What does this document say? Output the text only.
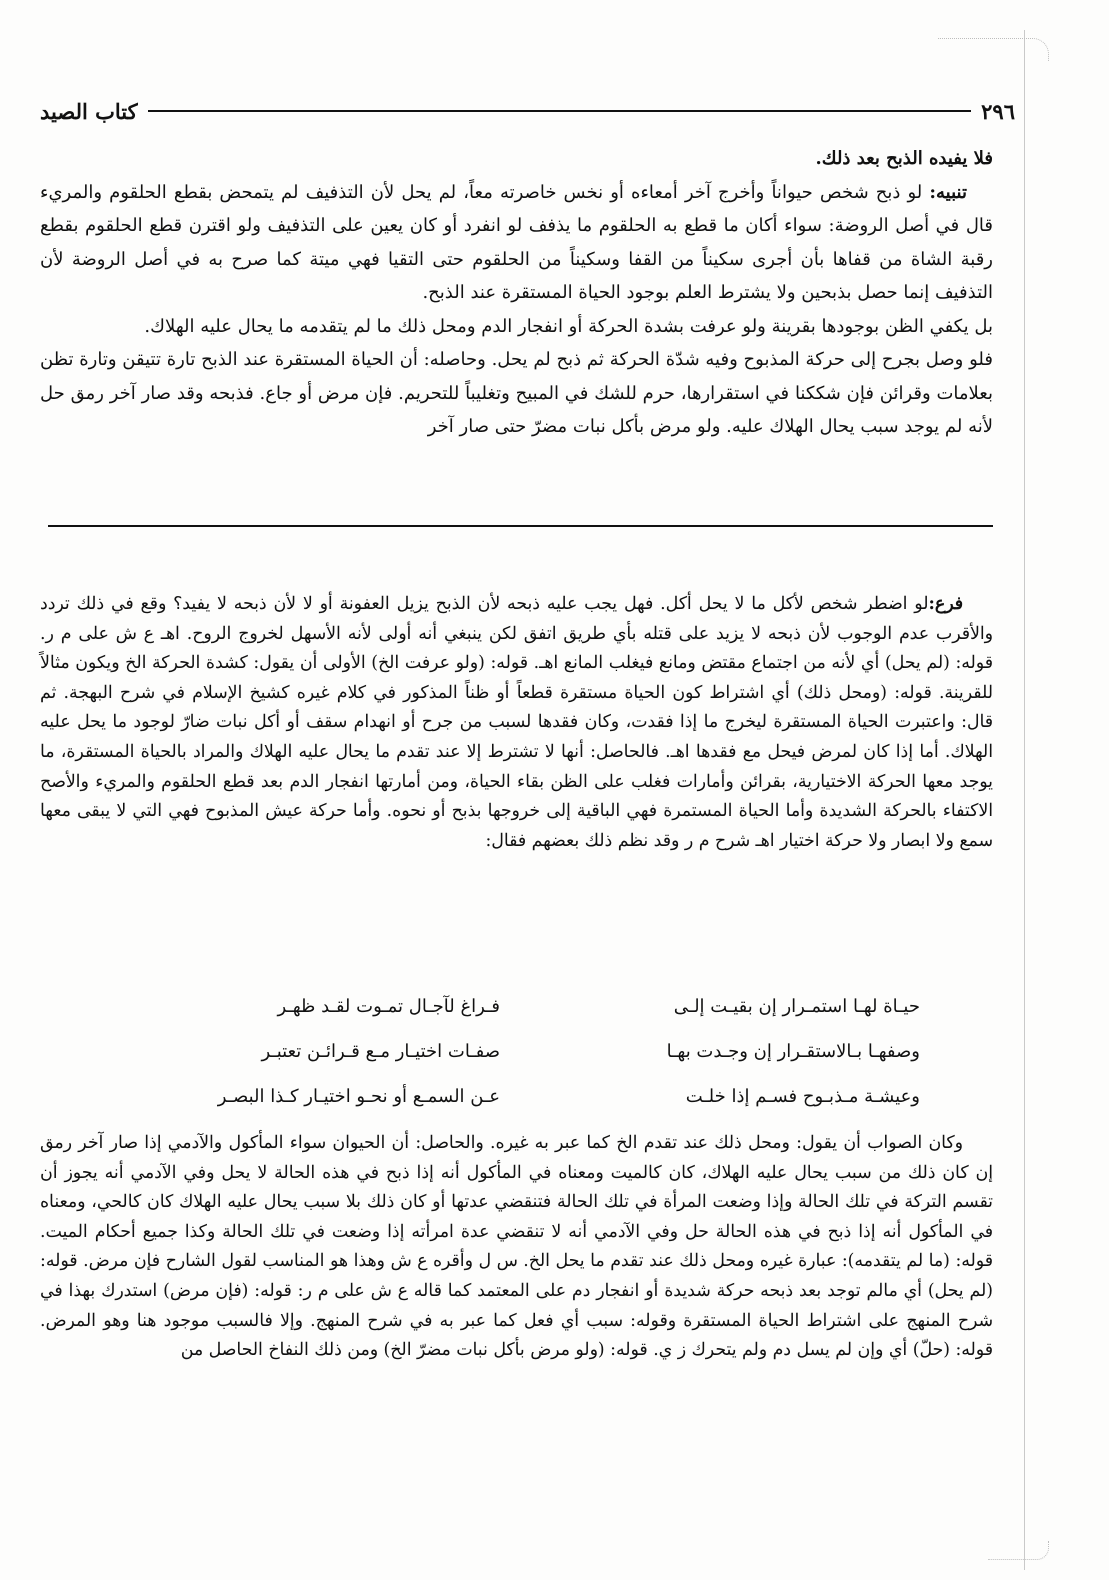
٢٩٦
كتاب الصيد

فلا يفيده الذبح بعد ذلك.

تنبيه: لو ذبح شخص حيواناً وأخرج آخر أمعاءه أو نخس خاصرته معاً، لم يحل لأن التذفيف لم يتمحض بقطع الحلقوم والمريء قال في أصل الروضة: سواء أكان ما قطع به الحلقوم ما يذفف لو انفرد أو كان يعين على التذفيف ولو اقترن قطع الحلقوم بقطع رقبة الشاة من قفاها بأن أجرى سكيناً من القفا وسكيناً من الحلقوم حتى التقيا فهي ميتة كما صرح به في أصل الروضة لأن التذفيف إنما حصل بذبحين ولا يشترط العلم بوجود الحياة المستقرة عند الذبح.

بل يكفي الظن بوجودها بقرينة ولو عرفت بشدة الحركة أو انفجار الدم ومحل ذلك ما لم يتقدمه ما يحال عليه الهلاك.

فلو وصل بجرح إلى حركة المذبوح وفيه شدّة الحركة ثم ذبح لم يحل. وحاصله: أن الحياة المستقرة عند الذبح تارة تتيقن وتارة تظن بعلامات وقرائن فإن شككنا في استقرارها، حرم للشك في المبيح وتغليباً للتحريم. فإن مرض أو جاع. فذبحه وقد صار آخر رمق حل لأنه لم يوجد سبب يحال الهلاك عليه. ولو مرض بأكل نبات مضرّ حتى صار آخر

فرع:لو اضطر شخص لأكل ما لا يحل أكل. فهل يجب عليه ذبحه لأن الذبح يزيل العفونة أو لا لأن ذبحه لا يفيد؟ وقع في ذلك تردد والأقرب عدم الوجوب لأن ذبحه لا يزيد على قتله بأي طريق اتفق لكن ينبغي أنه أولى لأنه الأسهل لخروج الروح. اهـ ع ش على م ر. قوله: (لم يحل) أي لأنه من اجتماع مقتض ومانع فيغلب المانع اهـ. قوله: (ولو عرفت الخ) الأولى أن يقول: كشدة الحركة الخ ويكون مثالاً للقرينة. قوله: (ومحل ذلك) أي اشتراط كون الحياة مستقرة قطعاً أو ظناً المذكور في كلام غيره كشيخ الإسلام في شرح البهجة. ثم قال: واعتبرت الحياة المستقرة ليخرج ما إذا فقدت، وكان فقدها لسبب من جرح أو انهدام سقف أو أكل نبات ضارّ لوجود ما يحل عليه الهلاك. أما إذا كان لمرض فيحل مع فقدها اهـ. فالحاصل: أنها لا تشترط إلا عند تقدم ما يحال عليه الهلاك والمراد بالحياة المستقرة، ما يوجد معها الحركة الاختيارية، بقرائن وأمارات فغلب على الظن بقاء الحياة، ومن أمارتها انفجار الدم بعد قطع الحلقوم والمريء والأصح الاكتفاء بالحركة الشديدة وأما الحياة المستمرة فهي الباقية إلى خروجها بذبح أو نحوه. وأما حركة عيش المذبوح فهي التي لا يبقى معها سمع ولا ابصار ولا حركة اختيار اهـ شرح م ر وقد نظم ذلك بعضهم فقال:

حيـاة لهـا استمـرار إن بقيـت إلـى
فـراغ لآجـال تمـوت لقـد ظهـر
وصفهـا بـالاستقـرار إن وجـدت بهـا
صفـات اختيـار مـع قـرائـن تعتبـر
وعيشـة مـذبـوح فسـم إذا خلـت
عـن السمـع أو نحـو اختيـار كـذا البصـر

وكان الصواب أن يقول: ومحل ذلك عند تقدم الخ كما عبر به غيره. والحاصل: أن الحيوان سواء المأكول والآدمي إذا صار آخر رمق إن كان ذلك من سبب يحال عليه الهلاك، كان كالميت ومعناه في المأكول أنه إذا ذبح في هذه الحالة لا يحل وفي الآدمي أنه يجوز أن تقسم التركة في تلك الحالة وإذا وضعت المرأة في تلك الحالة فتنقضي عدتها أو كان ذلك بلا سبب يحال عليه الهلاك كان كالحي، ومعناه في المأكول أنه إذا ذبح في هذه الحالة حل وفي الآدمي أنه لا تنقضي عدة امرأته إذا وضعت في تلك الحالة وكذا جميع أحكام الميت. قوله: (ما لم يتقدمه): عبارة غيره ومحل ذلك عند تقدم ما يحل الخ. س ل وأقره ع ش وهذا هو المناسب لقول الشارح فإن مرض. قوله: (لم يحل) أي مالم توجد بعد ذبحه حركة شديدة أو انفجار دم على المعتمد كما قاله ع ش على م ر: قوله: (فإن مرض) استدرك بهذا في شرح المنهج على اشتراط الحياة المستقرة وقوله: سبب أي فعل كما عبر به في شرح المنهج. وإلا فالسبب موجود هنا وهو المرض. قوله: (حلّ) أي وإن لم يسل دم ولم يتحرك ز ي. قوله: (ولو مرض بأكل نبات مضرّ الخ) ومن ذلك النفاخ الحاصل من
